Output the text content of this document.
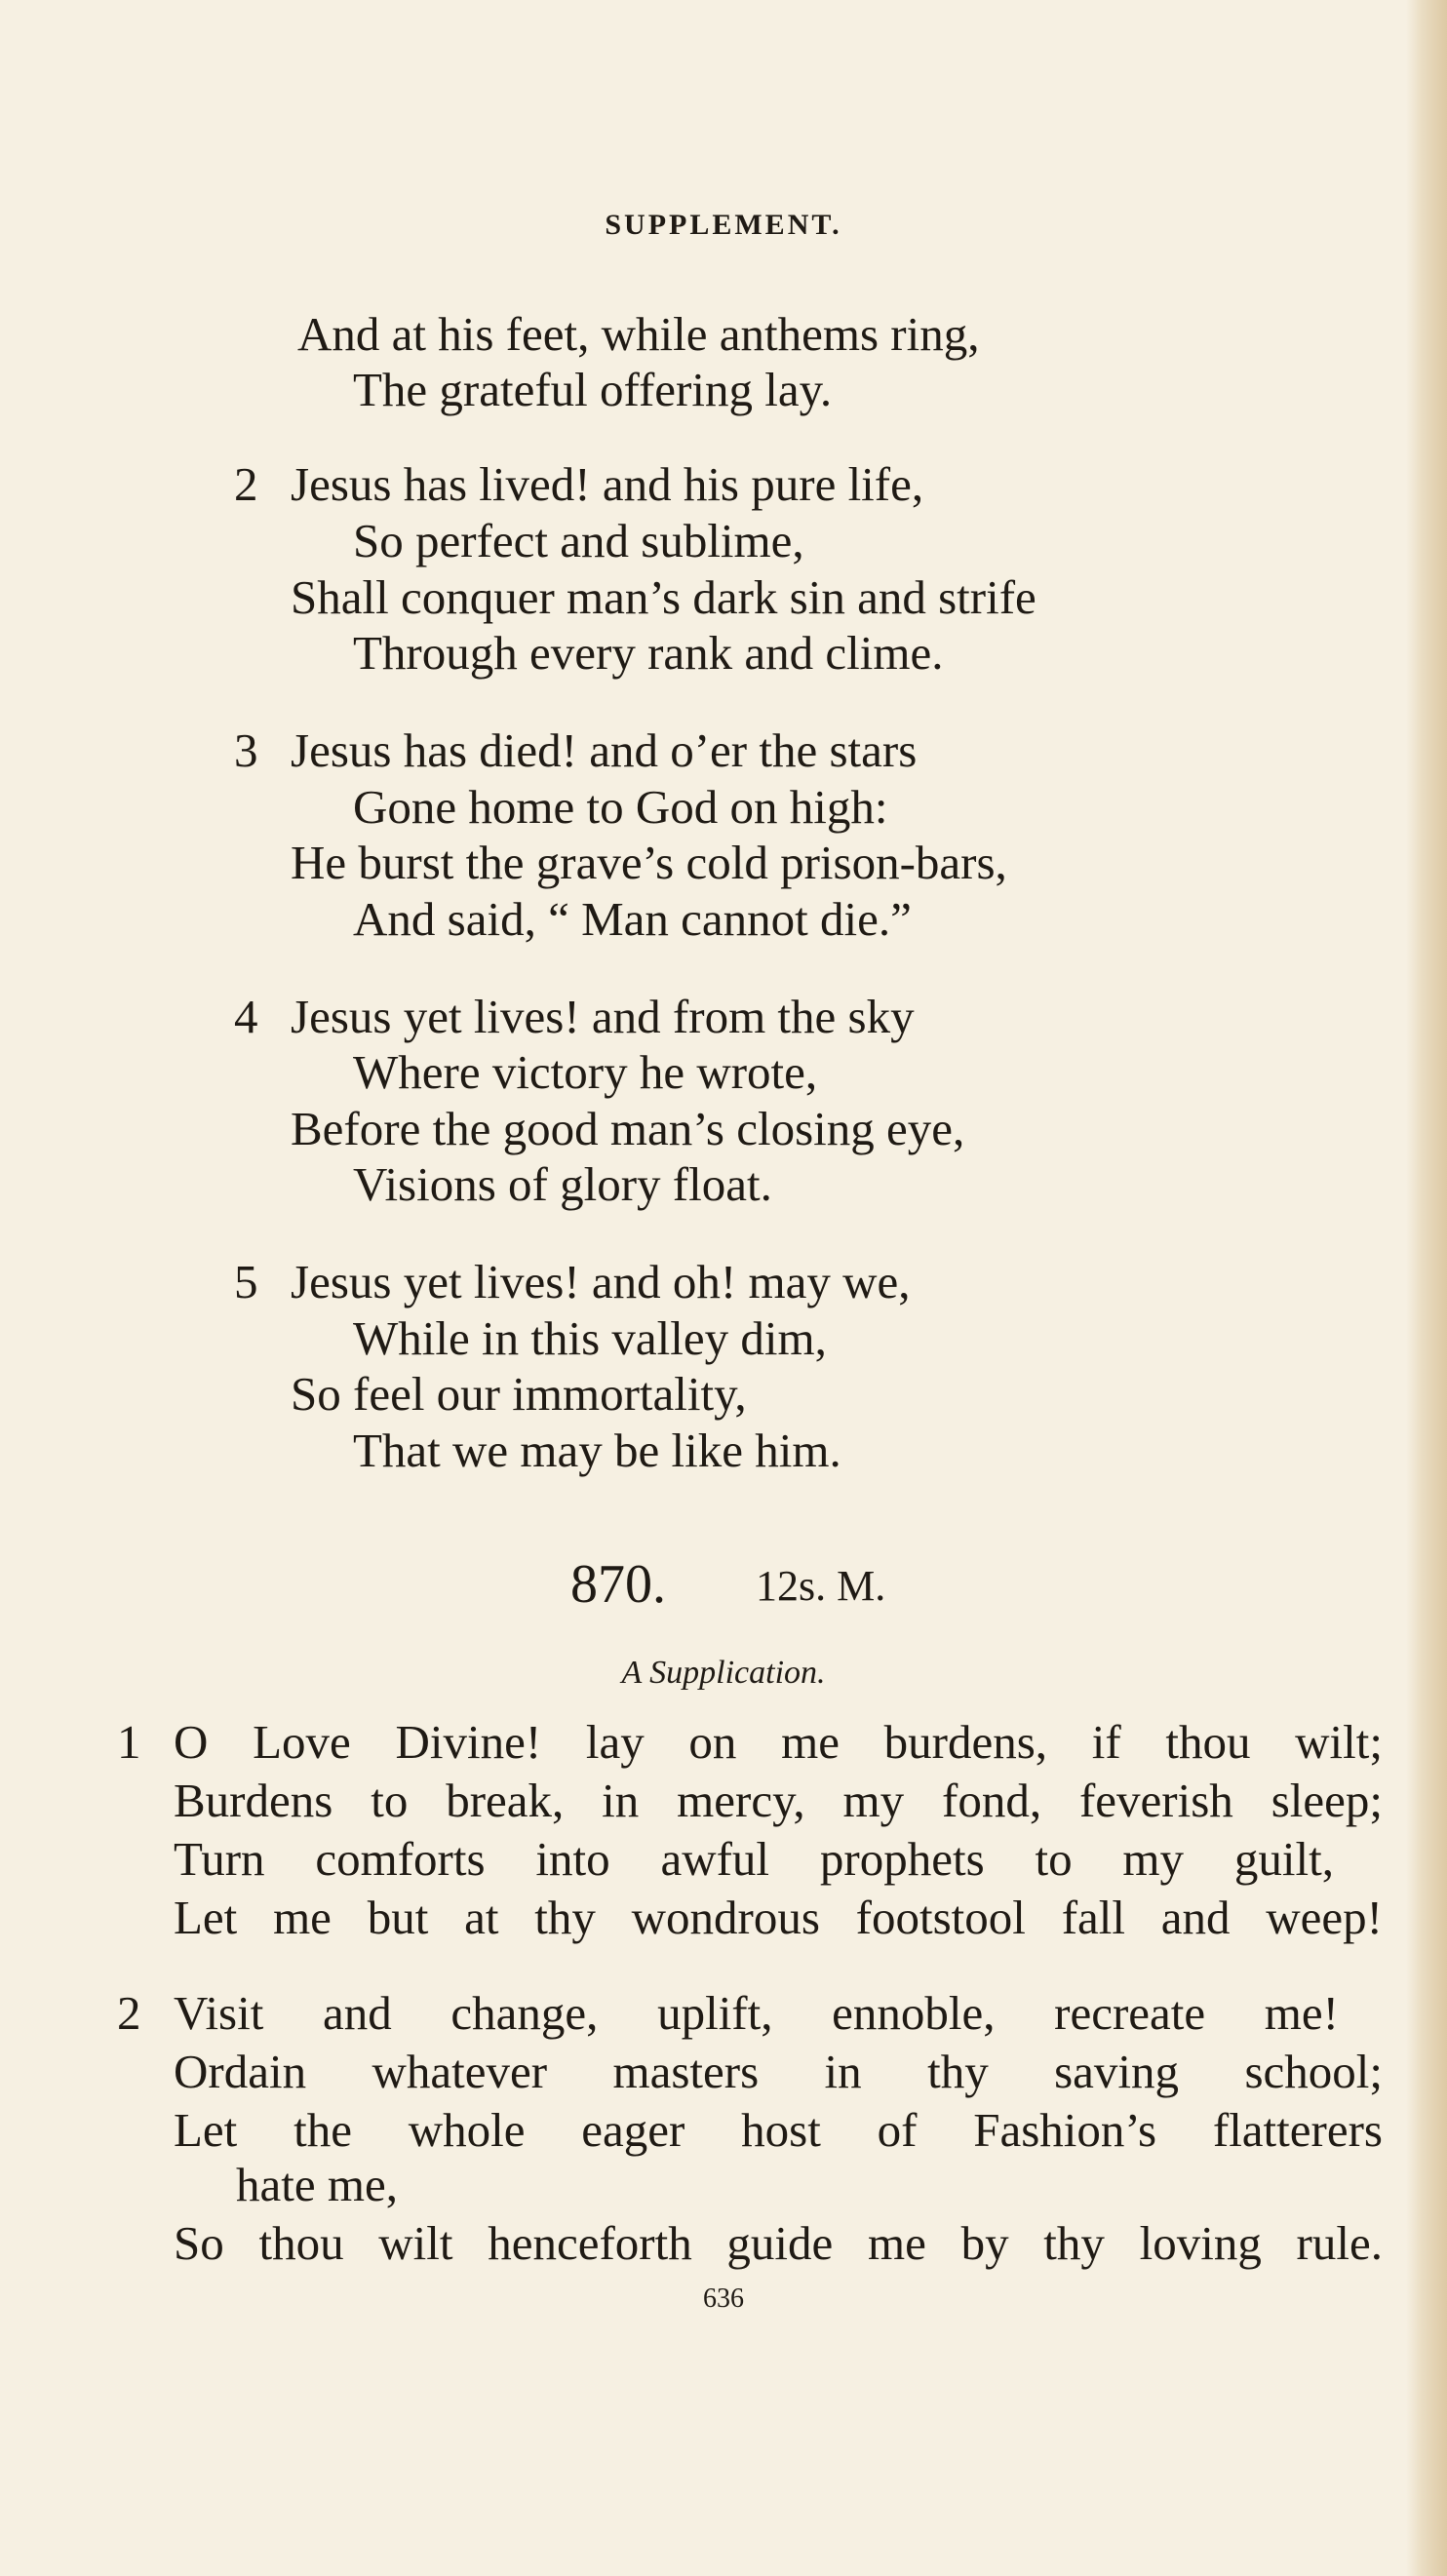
SUPPLEMENT.
And at his feet, while anthems ring,
The grateful offering lay.
2 Jesus has lived! and his pure life,
So perfect and sublime,
Shall conquer man’s dark sin and strife
Through every rank and clime.
3 Jesus has died! and o’er the stars
Gone home to God on high:
He burst the grave’s cold prison-bars,
And said, “ Man cannot die.”
4 Jesus yet lives! and from the sky
Where victory he wrote,
Before the good man’s closing eye,
Visions of glory float.
5 Jesus yet lives! and oh! may we,
While in this valley dim,
So feel our immortality,
That we may be like him.
870. 12s. M.
A Supplication.
1 O Love Divine! lay on me burdens, if thou wilt;
Burdens to break, in mercy, my fond, feverish sleep;
Turn comforts into awful prophets to my guilt,
Let me but at thy wondrous footstool fall and weep!
2 Visit and change, uplift, ennoble, recreate me!
Ordain whatever masters in thy saving school;
Let the whole eager host of Fashion’s flatterers
hate me,
So thou wilt henceforth guide me by thy loving rule.
636
